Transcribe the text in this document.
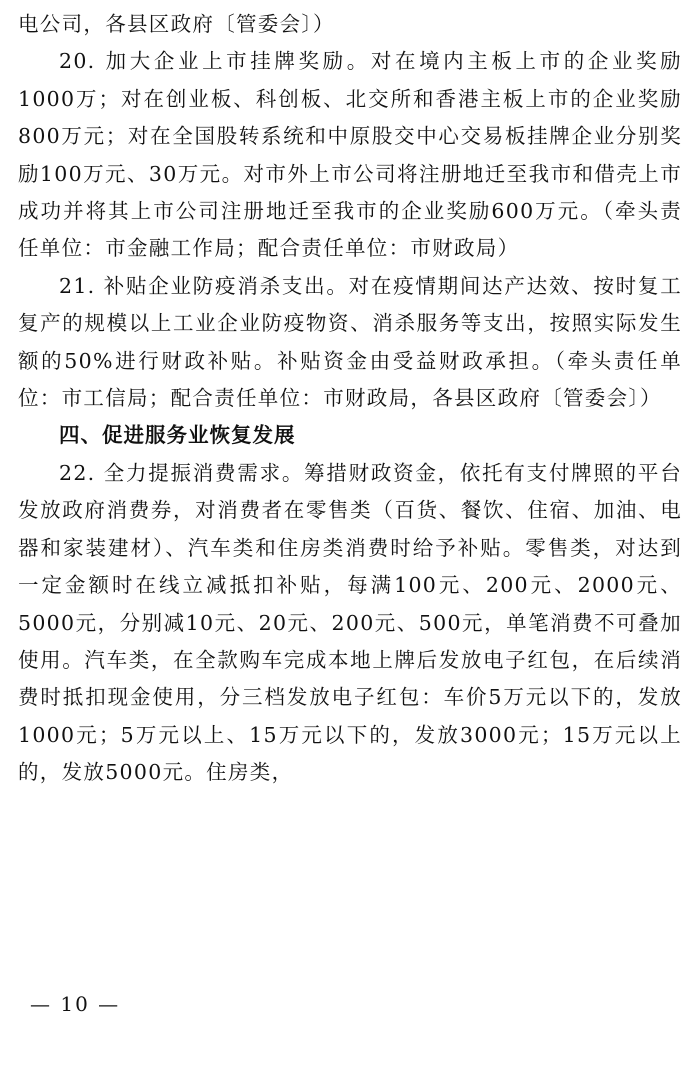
电公司，各县区政府〔管委会〕）

20. 加大企业上市挂牌奖励。对在境内主板上市的企业奖励1000万；对在创业板、科创板、北交所和香港主板上市的企业奖励800万元；对在全国股转系统和中原股交中心交易板挂牌企业分别奖励100万元、30万元。对市外上市公司将注册地迁至我市和借壳上市成功并将其上市公司注册地迁至我市的企业奖励600万元。（牵头责任单位：市金融工作局；配合责任单位：市财政局）

21. 补贴企业防疫消杀支出。对在疫情期间达产达效、按时复工复产的规模以上工业企业防疫物资、消杀服务等支出，按照实际发生额的50%进行财政补贴。补贴资金由受益财政承担。（牵头责任单位：市工信局；配合责任单位：市财政局，各县区政府〔管委会〕）

四、促进服务业恢复发展

22. 全力提振消费需求。筹措财政资金，依托有支付牌照的平台发放政府消费券，对消费者在零售类（百货、餐饮、住宿、加油、电器和家装建材）、汽车类和住房类消费时给予补贴。零售类，对达到一定金额时在线立减抵扣补贴，每满100元、200元、2000元、5000元，分别减10元、20元、200元、500元，单笔消费不可叠加使用。汽车类，在全款购车完成本地上牌后发放电子红包，在后续消费时抵扣现金使用，分三档发放电子红包：车价5万元以下的，发放1000元；5万元以上、15万元以下的，发放3000元；15万元以上的，发放5000元。住房类，

— 10 —
